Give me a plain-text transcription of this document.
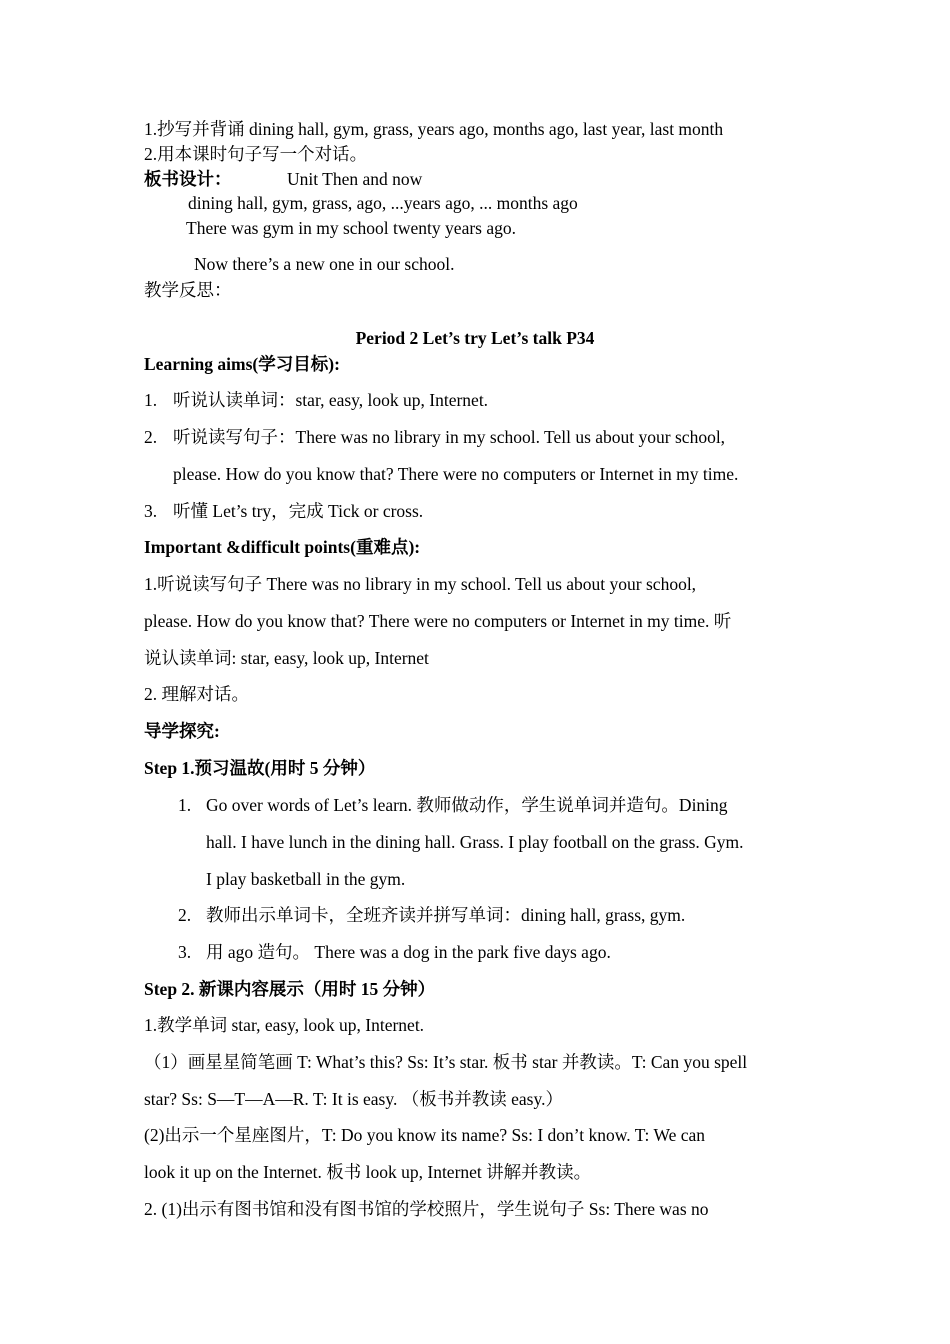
1.抄写并背诵 dining hall, gym, grass, years ago, months ago, last year, last month
2.用本课时句子写一个对话。
板书设计：	Unit Then and now
dining hall, gym, grass, ago, ...years ago, ... months ago
There was gym in my school twenty years ago.
Now there’s a new one in our school.
教学反思：
Period 2 Let’s try Let’s talk P34
Learning aims(学习目标):
1. 听说认读单词：star, easy, look up, Internet.
2. 听说读写句子：There was no library in my school. Tell us about your school,
please. How do you know that? There were no computers or Internet in my time.
3. 听懂 Let’s try，完成 Tick or cross.
Important &difficult points(重难点):
1.听说读写句子 There was no library in my school. Tell us about your school,
please. How do you know that? There were no computers or Internet in my time. 听
说认读单词: star, easy, look up, Internet
2. 理解对话。
导学探究:
Step 1.预习温故(用时 5 分钟）
1. Go over words of Let’s learn. 教师做动作，学生说单词并造句。Dining
hall. I have lunch in the dining hall. Grass. I play football on the grass. Gym.
I play basketball in the gym.
2. 教师出示单词卡，全班齐读并拼写单词：dining hall, grass, gym.
3. 用 ago 造句。 There was a dog in the park five days ago.
Step 2. 新课内容展示（用时 15 分钟）
1.教学单词 star, easy, look up, Internet.
（1）画星星简笔画 T: What’s this? Ss: It’s star. 板书 star 并教读。T: Can you spell
star? Ss: S—T—A—R. T: It is easy. （板书并教读 easy.）
(2)出示一个星座图片，T: Do you know its name? Ss: I don’t know. T: We can
look it up on the Internet. 板书 look up, Internet 讲解并教读。
2. (1)出示有图书馆和没有图书馆的学校照片，学生说句子 Ss: There was no
